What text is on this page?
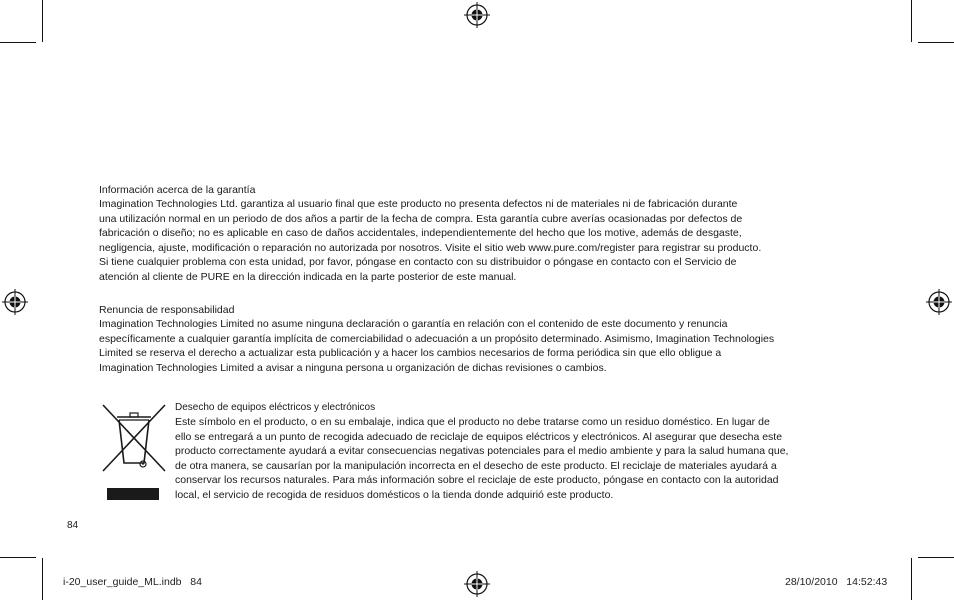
Información acerca de la garantía

Imagination Technologies Ltd. garantiza al usuario final que este producto no presenta defectos ni de materiales ni de fabricación durante

una utilización normal en un periodo de dos años a partir de la fecha de compra. Esta garantía cubre averías ocasionadas por defectos de

fabricación o diseño; no es aplicable en caso de daños accidentales, independientemente del hecho que los motive, además de desgaste,

negligencia, ajuste, modificación o reparación no autorizada por nosotros. Visite el sitio web www.pure.com/register para registrar su producto.

Si tiene cualquier problema con esta unidad, por favor, póngase en contacto con su distribuidor o póngase en contacto con el Servicio de

atención al cliente de PURE en la dirección indicada en la parte posterior de este manual.

Renuncia de responsabilidad

Imagination Technologies Limited no asume ninguna declaración o garantía en relación con el contenido de este documento y renuncia

específicamente a cualquier garantía implícita de comerciabilidad o adecuación a un propósito determinado. Asimismo, Imagination Technologies

Limited se reserva el derecho a actualizar esta publicación y a hacer los cambios necesarios de forma periódica sin que ello obligue a

Imagination Technologies Limited a avisar a ninguna persona u organización de dichas revisiones o cambios.

Desecho de equipos eléctricos y electrónicos

Este símbolo en el producto, o en su embalaje, indica que el producto no debe tratarse como un residuo doméstico. En lugar de

ello se entregará a un punto de recogida adecuado de reciclaje de equipos eléctricos y electrónicos. Al asegurar que desecha este

producto correctamente ayudará a evitar consecuencias negativas potenciales para el medio ambiente y para la salud humana que,

de otra manera, se causarían por la manipulación incorrecta en el desecho de este producto. El reciclaje de materiales ayudará a

conservar los recursos naturales. Para más información sobre el reciclaje de este producto, póngase en contacto con la autoridad

local, el servicio de recogida de residuos domésticos o la tienda donde adquirió este producto.

84
i-20_user_guide_ML.indb   84	28/10/2010   14:52:43
